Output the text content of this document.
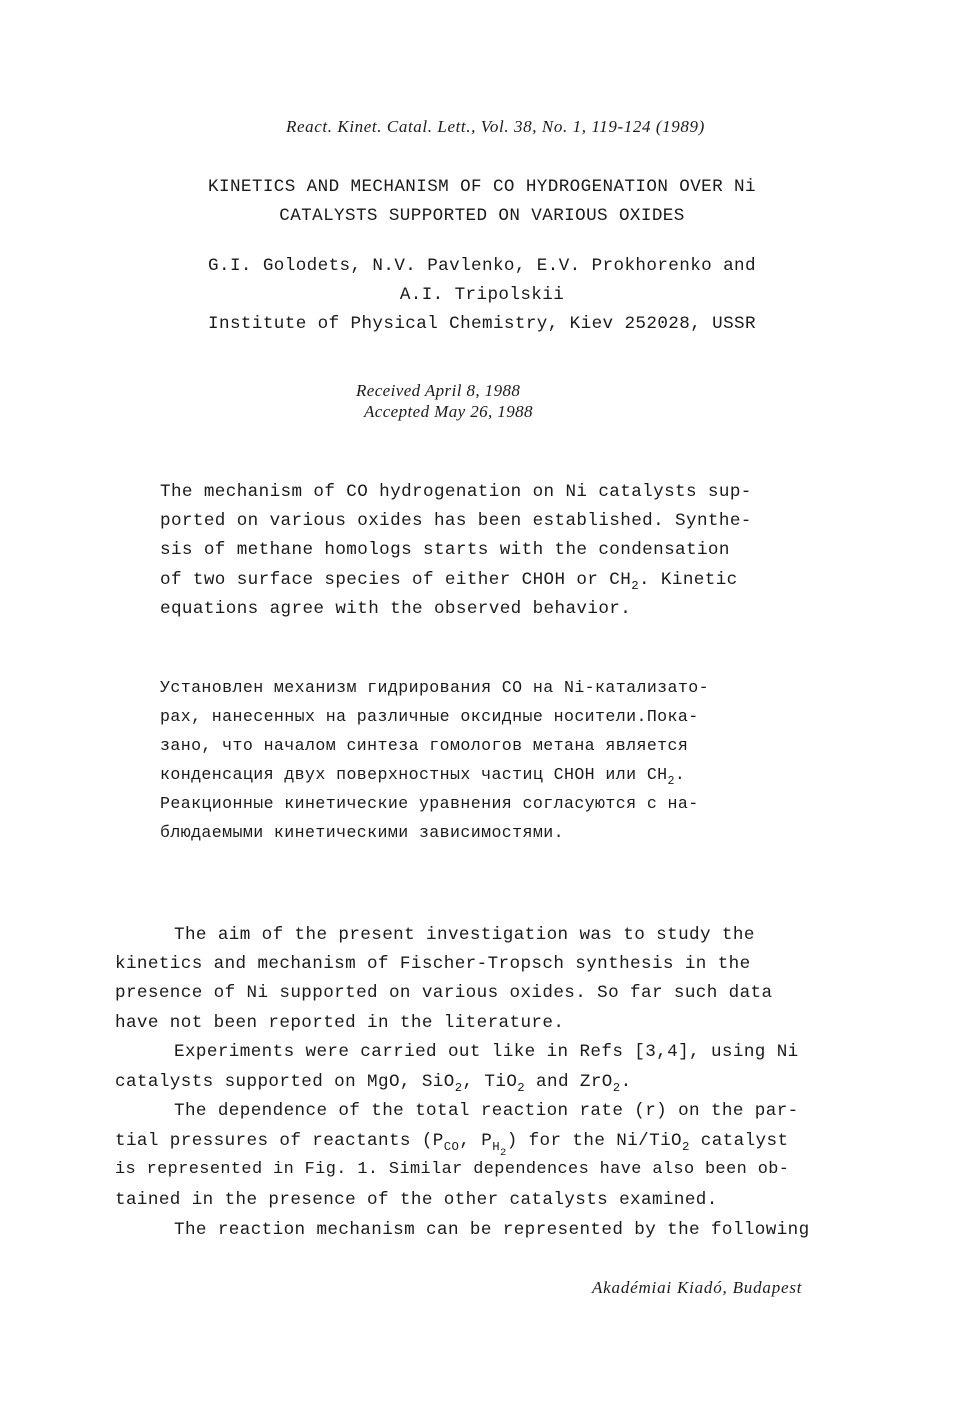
React. Kinet. Catal. Lett., Vol. 38, No. 1, 119-124 (1989)
KINETICS AND MECHANISM OF CO HYDROGENATION OVER Ni
CATALYSTS SUPPORTED ON VARIOUS OXIDES
G.I. Golodets, N.V. Pavlenko, E.V. Prokhorenko and
A.I. Tripolskii
Institute of Physical Chemistry, Kiev 252028, USSR
Received April 8, 1988
Accepted May 26, 1988
The mechanism of CO hydrogenation on Ni catalysts sup-
ported on various oxides has been established. Synthe-
sis of methane homologs starts with the condensation
of two surface species of either CHOH or $CH_2$. Kinetic
equations agree with the observed behavior.
Установлен механизм гидрирования CO на Ni-катализато-
рах, нанесенных на различные оксидные носители.Пока-
зано, что началом синтеза гомологов метана является
конденсация двух поверхностных частиц CHOH или $CH_2$.
Реакционные кинетические уравнения согласуются с на-
блюдаемыми кинетическими зависимостями.
The aim of the present investigation was to study the
kinetics and mechanism of Fischer-Tropsch synthesis in the
presence of Ni supported on various oxides. So far such data
have not been reported in the literature.
Experiments were carried out like in Refs [3,4], using Ni
catalysts supported on MgO, SiO$_2$, TiO$_2$ and ZrO$_2$.
The dependence of the total reaction rate (r) on the par-
tial pressures of reactants ($P_{CO}$, $P_{H_2}$) for the Ni/TiO$_2$ catalyst
is represented in Fig. 1. Similar dependences have also been ob-
tained in the presence of the other catalysts examined.
The reaction mechanism can be represented by the following
Akadémiai Kiadó, Budapest
